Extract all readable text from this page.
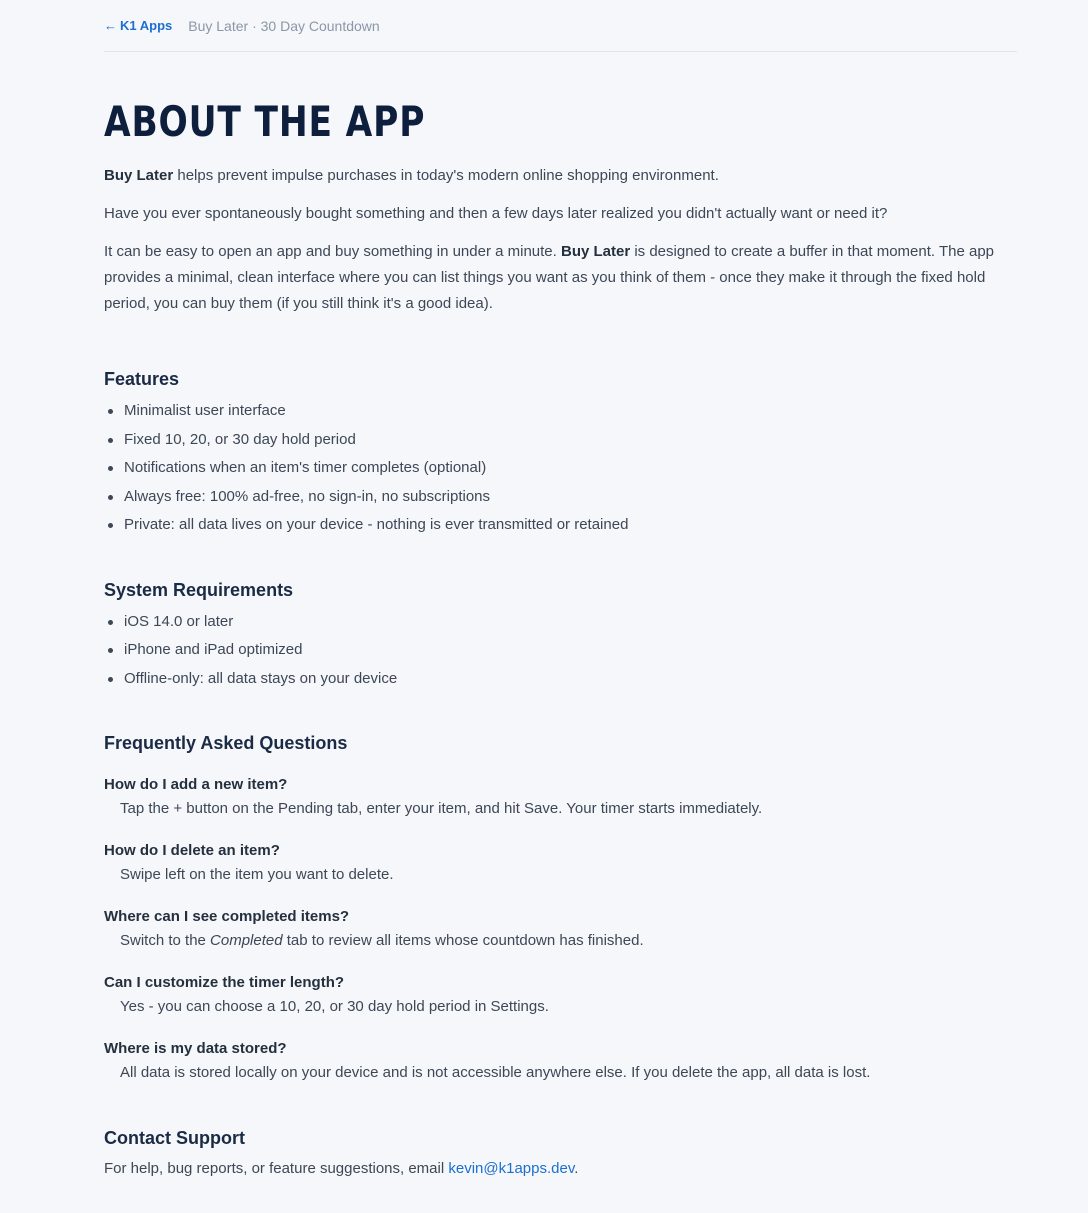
← K1 Apps Buy Later · 30 Day Countdown
ABOUT THE APP

Buy Later helps prevent impulse purchases in today's modern online shopping environment.

Have you ever spontaneously bought something and then a few days later realized you didn't actually want or need it?

It can be easy to open an app and buy something in under a minute. Buy Later is designed to create a buffer in that moment. The app provides a minimal, clean interface where you can list things you want as you think of them - once they make it through the fixed hold period, you can buy them (if you still think it's a good idea).

Features
Minimalist user interface
Fixed 10, 20, or 30 day hold period
Notifications when an item's timer completes (optional)
Always free: 100% ad-free, no sign-in, no subscriptions
Private: all data lives on your device - nothing is ever transmitted or retained
System Requirements
iOS 14.0 or later
iPhone and iPad optimized
Offline-only: all data stays on your device
Frequently Asked Questions
How do I add a new item?
Tap the + button on the Pending tab, enter your item, and hit Save. Your timer starts immediately.
How do I delete an item?
Swipe left on the item you want to delete.
Where can I see completed items?
Switch to the Completed tab to review all items whose countdown has finished.
Can I customize the timer length?
Yes - you can choose a 10, 20, or 30 day hold period in Settings.
Where is my data stored?
All data is stored locally on your device and is not accessible anywhere else. If you delete the app, all data is lost.
Contact Support

For help, bug reports, or feature suggestions, email kevin@k1apps.dev.
